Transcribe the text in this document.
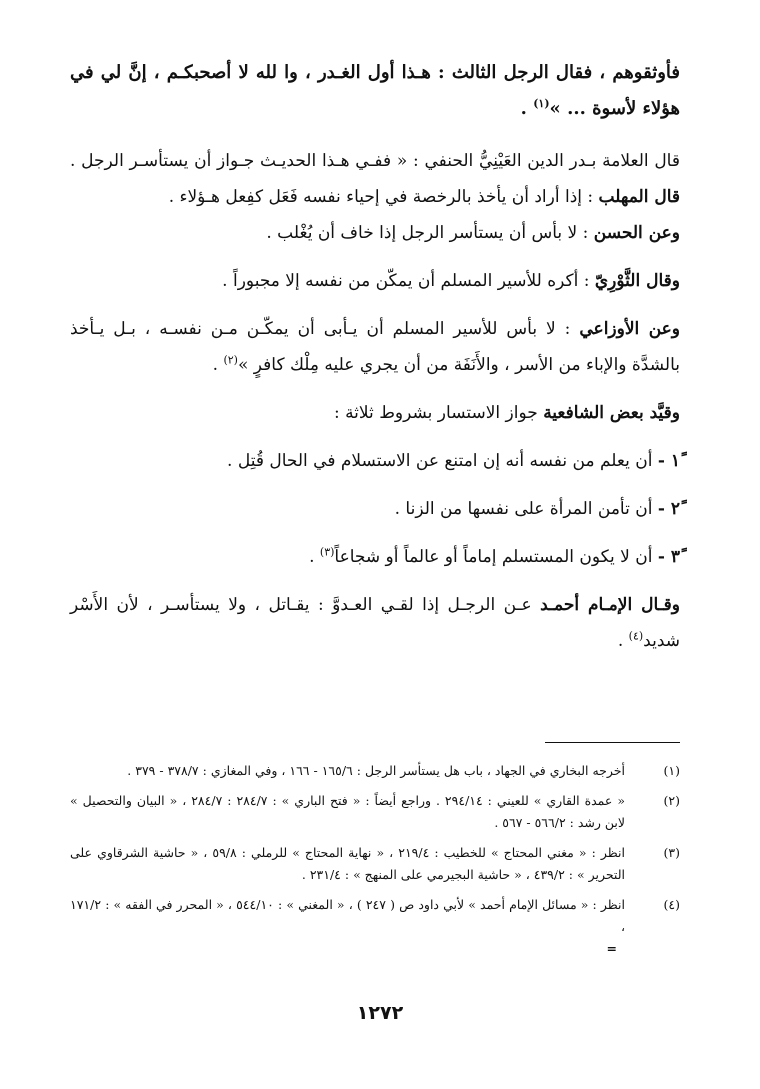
فأوثقوهم ، فقال الرجل الثالث : هـذا أول الغـدر ، وا لله لا أصحبكـم ، إنَّ لي في هؤلاء لأسوة ... »$^{(١)}$ .

قال العلامة بـدر الدين العَيْنِيُّ الحنفي : « ففـي هـذا الحديـث جـواز أن يستأسـر الرجل . قال المهلب : إذا أراد أن يأخذ بالرخصة في إحياء نفسه فَعَل كفِعل هـؤلاء .

وعن الحسن : لا بأس أن يستأسر الرجل إذا خاف أن يُغْلب .

وقال الثَّوْرِيّ : أكره للأسير المسلم أن يمكّن من نفسه إلا مجبوراً .

وعن الأوزاعي : لا بأس للأسير المسلم أن يـأبى أن يمكّـن مـن نفسـه ، بـل يـأخذ بالشدَّة والإباء من الأسر ، والأَنَفَة من أن يجري عليه مِلْك كافرٍ »$^{(٢)}$ .

وقيَّد بعض الشافعية جواز الاستسار بشروط ثلاثة :

١ً - أن يعلم من نفسه أنه إن امتنع عن الاستسلام في الحال قُتِل .

٢ً - أن تأمن المرأة على نفسها من الزنا .

٣ً - أن لا يكون المستسلم إماماً أو عالماً أو شجاعاً$^{(٣)}$ .

وقـال الإمـام أحمـد عـن الرجـل إذا لقـي العـدوَّ : يقـاتل ، ولا يستأسـر ، لأن الأَسْر شديد$^{(٤)}$ .

(١)
أخرجه البخاري في الجهاد ، باب هل يستأسر الرجل : ١٦٥/٦ - ١٦٦ ، وفي المغازي : ٣٧٨/٧ - ٣٧٩ .
(٢)
« عمدة القاري » للعيني : ٢٩٤/١٤ . وراجع أيضاً : « فتح الباري » : ٢٨٤/٧ : ٢٨٤/٧ ، « البيان والتحصيل » لابن رشد : ٥٦٦/٢ - ٥٦٧ .
(٣)
انظر : « مغني المحتاج » للخطيب : ٢١٩/٤ ، « نهاية المحتاج » للرملي : ٥٩/٨ ، « حاشية الشرقاوي على التحرير » : ٤٣٩/٢ ، « حاشية البجيرمي على المنهج » : ٢٣١/٤ .
(٤)
انظر : « مسائل الإمام أحمد » لأبي داود ص ( ٢٤٧ ) ، « المغني » : ٥٤٤/١٠ ، « المحرر في الفقه » : ١٧١/٢ ،
=
١٢٧٢
